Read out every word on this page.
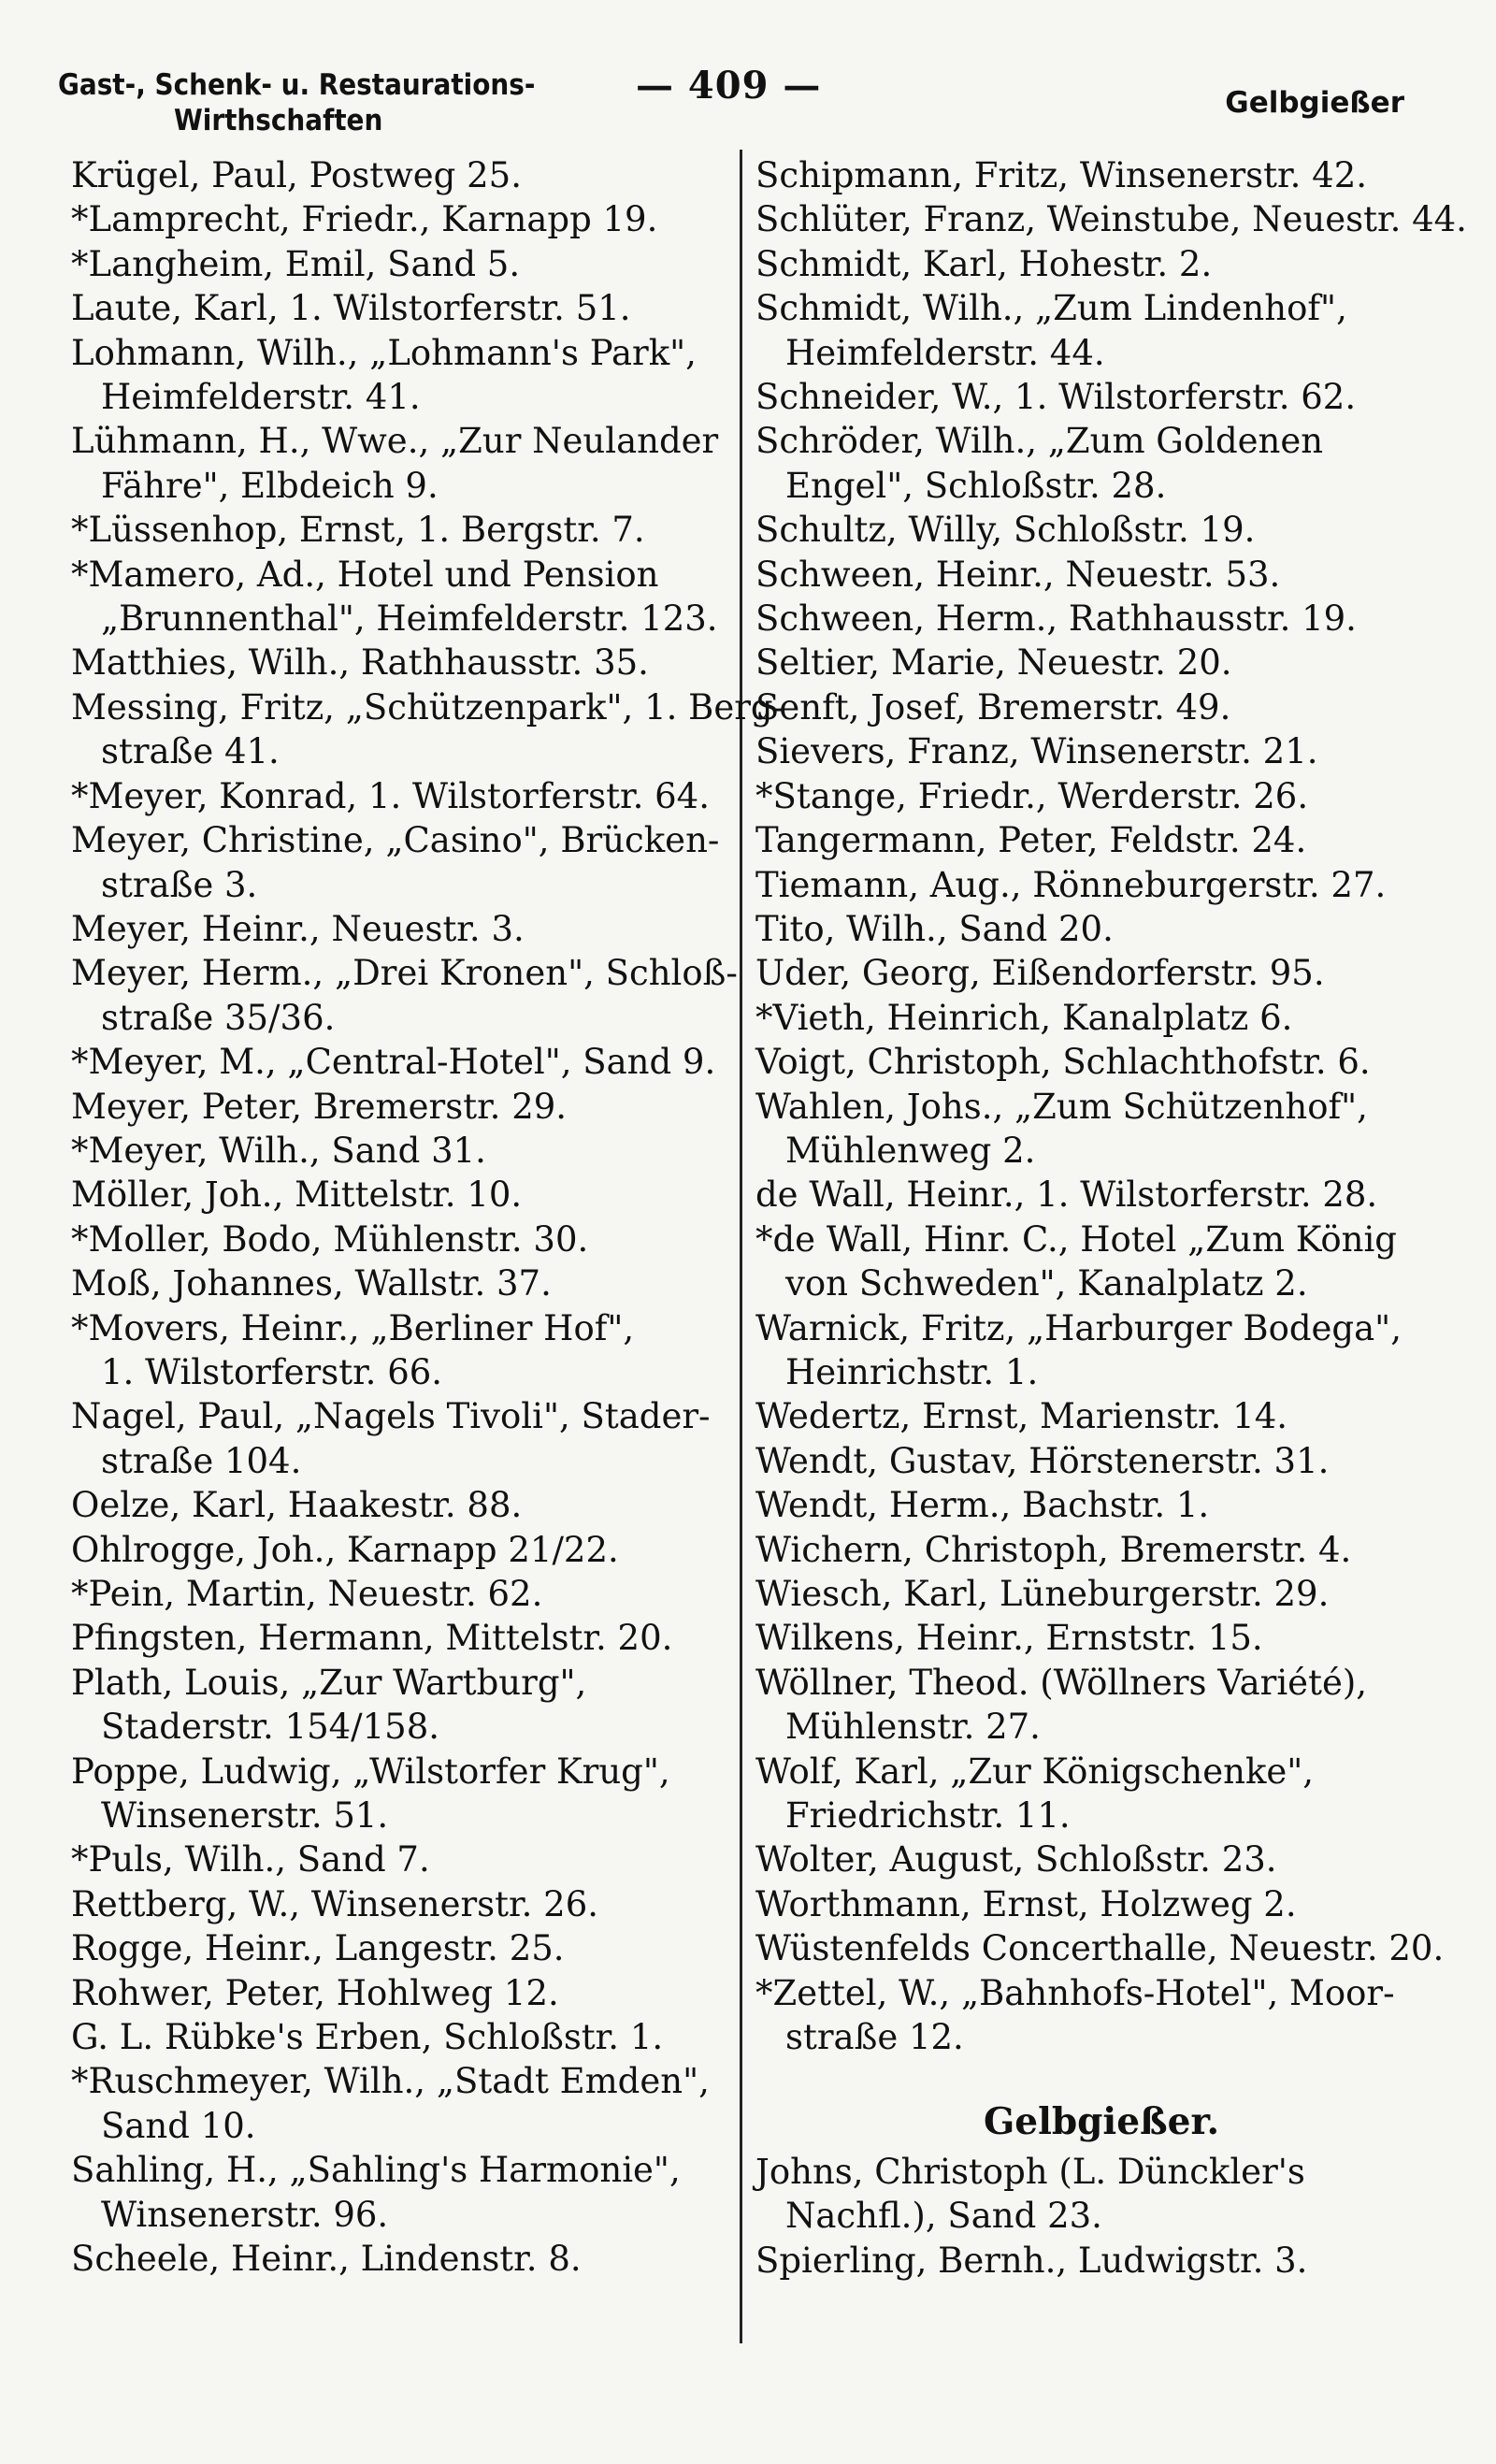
Gast-, Schenk- u. Restaurations-
Wirthschaften
— 409 —	Gelbgießer
Krügel, Paul, Postweg 25.
*Lamprecht, Friedr., Karnapp 19.
*Langheim, Emil, Sand 5.
Laute, Karl, 1. Wilstorferstr. 51.
Lohmann, Wilh., „Lohmann's Park",
Heimfelderstr. 41.
Lühmann, H., Wwe., „Zur Neulander
Fähre", Elbdeich 9.
*Lüssenhop, Ernst, 1. Bergstr. 7.
*Mamero, Ad., Hotel und Pension
„Brunnenthal", Heimfelderstr. 123.
Matthies, Wilh., Rathhausstr. 35.
Messing, Fritz, „Schützenpark", 1. Berg-
straße 41.
*Meyer, Konrad, 1. Wilstorferstr. 64.
Meyer, Christine, „Casino", Brücken-
straße 3.
Meyer, Heinr., Neuestr. 3.
Meyer, Herm., „Drei Kronen", Schloß-
straße 35/36.
*Meyer, M., „Central-Hotel", Sand 9.
Meyer, Peter, Bremerstr. 29.
*Meyer, Wilh., Sand 31.
Möller, Joh., Mittelstr. 10.
*Moller, Bodo, Mühlenstr. 30.
Moß, Johannes, Wallstr. 37.
*Movers, Heinr., „Berliner Hof",
1. Wilstorferstr. 66.
Nagel, Paul, „Nagels Tivoli", Stader-
straße 104.
Oelze, Karl, Haakestr. 88.
Ohlrogge, Joh., Karnapp 21/22.
*Pein, Martin, Neuestr. 62.
Pfingsten, Hermann, Mittelstr. 20.
Plath, Louis, „Zur Wartburg",
Staderstr. 154/158.
Poppe, Ludwig, „Wilstorfer Krug",
Winsenerstr. 51.
*Puls, Wilh., Sand 7.
Rettberg, W., Winsenerstr. 26.
Rogge, Heinr., Langestr. 25.
Rohwer, Peter, Hohlweg 12.
G. L. Rübke's Erben, Schloßstr. 1.
*Ruschmeyer, Wilh., „Stadt Emden",
Sand 10.
Sahling, H., „Sahling's Harmonie",
Winsenerstr. 96.
Scheele, Heinr., Lindenstr. 8.
Schipmann, Fritz, Winsenerstr. 42.
Schlüter, Franz, Weinstube, Neuestr. 44.
Schmidt, Karl, Hohestr. 2.
Schmidt, Wilh., „Zum Lindenhof",
Heimfelderstr. 44.
Schneider, W., 1. Wilstorferstr. 62.
Schröder, Wilh., „Zum Goldenen
Engel", Schloßstr. 28.
Schultz, Willy, Schloßstr. 19.
Schween, Heinr., Neuestr. 53.
Schween, Herm., Rathhausstr. 19.
Seltier, Marie, Neuestr. 20.
Senft, Josef, Bremerstr. 49.
Sievers, Franz, Winsenerstr. 21.
*Stange, Friedr., Werderstr. 26.
Tangermann, Peter, Feldstr. 24.
Tiemann, Aug., Rönneburgerstr. 27.
Tito, Wilh., Sand 20.
Uder, Georg, Eißendorferstr. 95.
*Vieth, Heinrich, Kanalplatz 6.
Voigt, Christoph, Schlachthofstr. 6.
Wahlen, Johs., „Zum Schützenhof",
Mühlenweg 2.
de Wall, Heinr., 1. Wilstorferstr. 28.
*de Wall, Hinr. C., Hotel „Zum König
von Schweden", Kanalplatz 2.
Warnick, Fritz, „Harburger Bodega",
Heinrichstr. 1.
Wedertz, Ernst, Marienstr. 14.
Wendt, Gustav, Hörstenerstr. 31.
Wendt, Herm., Bachstr. 1.
Wichern, Christoph, Bremerstr. 4.
Wiesch, Karl, Lüneburgerstr. 29.
Wilkens, Heinr., Ernststr. 15.
Wöllner, Theod. (Wöllners Variété),
Mühlenstr. 27.
Wolf, Karl, „Zur Königschenke",
Friedrichstr. 11.
Wolter, August, Schloßstr. 23.
Worthmann, Ernst, Holzweg 2.
Wüstenfelds Concerthalle, Neuestr. 20.
*Zettel, W., „Bahnhofs-Hotel", Moor-
straße 12.
Gelbgießer.
Johns, Christoph (L. Dünckler's
Nachfl.), Sand 23.
Spierling, Bernh., Ludwigstr. 3.
